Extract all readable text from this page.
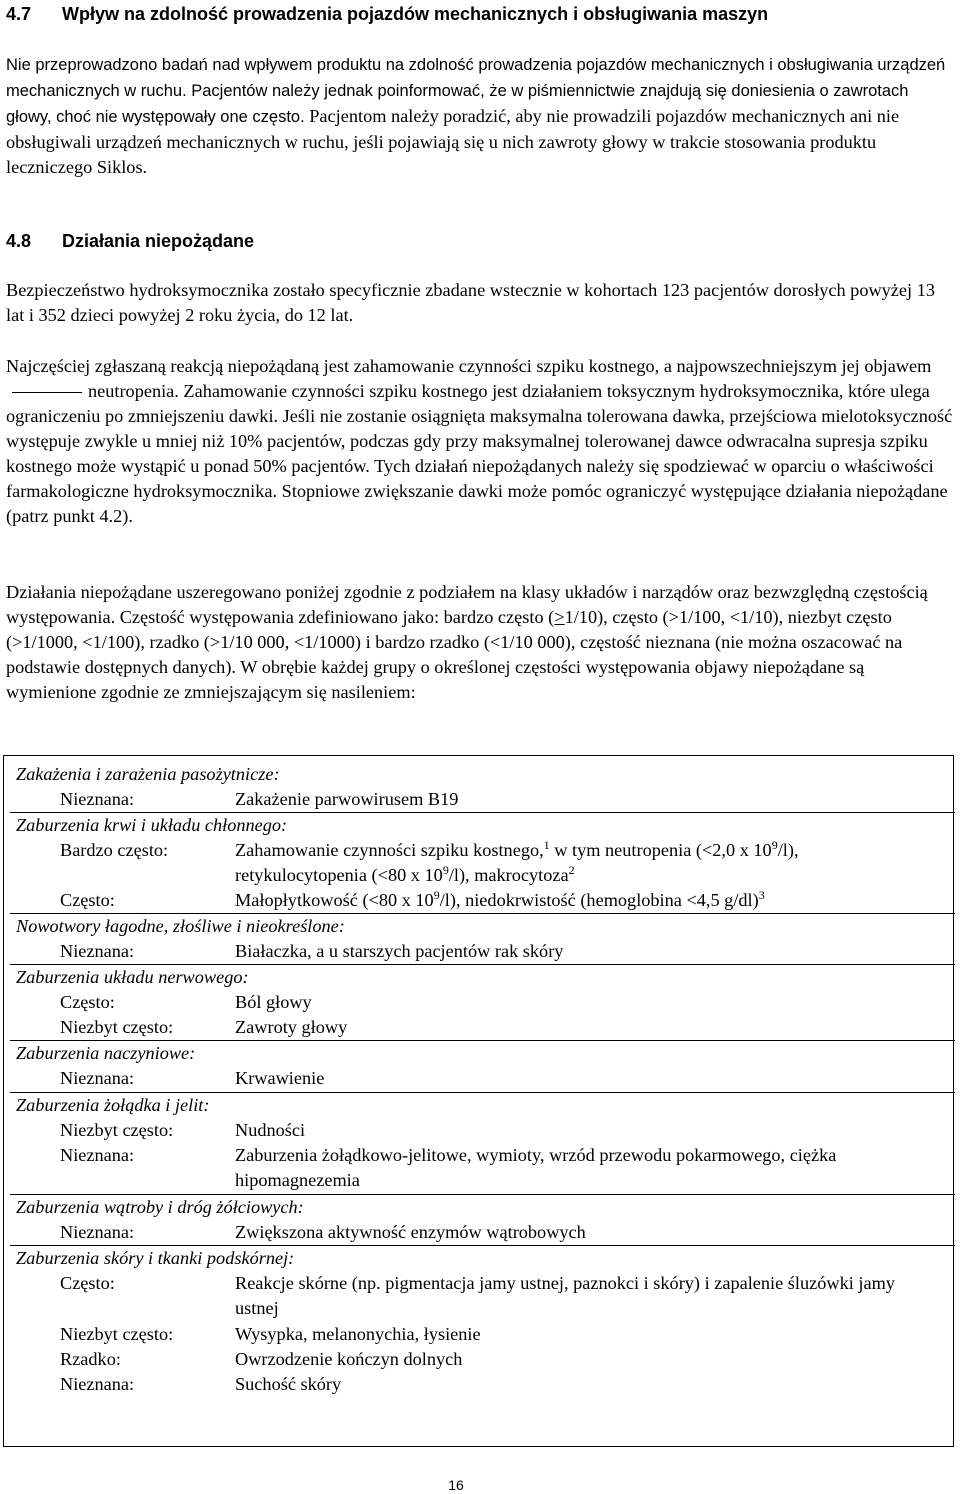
4.7 Wpływ na zdolność prowadzenia pojazdów mechanicznych i obsługiwania maszyn

Nie przeprowadzono badań nad wpływem produktu na zdolność prowadzenia pojazdów mechanicznych i obsługiwania urządzeń mechanicznych w ruchu. Pacjentów należy jednak poinformować, że w piśmiennictwie znajdują się doniesienia o zawrotach głowy, choć nie występowały one często. Pacjentom należy poradzić, aby nie prowadzili pojazdów mechanicznych ani nie obsługiwali urządzeń mechanicznych w ruchu, jeśli pojawiają się u nich zawroty głowy w trakcie stosowania produktu leczniczego Siklos.

4.8 Działania niepożądane

Bezpieczeństwo hydroksymocznika zostało specyficznie zbadane wstecznie w kohortach 123 pacjentów dorosłych powyżej 13 lat i 352 dzieci powyżej 2 roku życia, do 12 lat.

Najczęściej zgłaszaną reakcją niepożądaną jest zahamowanie czynności szpiku kostnego, a najpowszechniejszym jej objawemneutropenia. Zahamowanie czynności szpiku kostnego jest działaniem toksycznym hydroksymocznika, które ulega ograniczeniu po zmniejszeniu dawki. Jeśli nie zostanie osiągnięta maksymalna tolerowana dawka, przejściowa mielotoksyczność występuje zwykle u mniej niż 10% pacjentów, podczas gdy przy maksymalnej tolerowanej dawce odwracalna supresja szpiku kostnego może wystąpić u ponad 50% pacjentów. Tych działań niepożądanych należy się spodziewać w oparciu o właściwości farmakologiczne hydroksymocznika. Stopniowe zwiększanie dawki może pomóc ograniczyć występujące działania niepożądane (patrz punkt 4.2).

Działania niepożądane uszeregowano poniżej zgodnie z podziałem na klasy układów i narządów oraz bezwzględną częstością występowania. Częstość występowania zdefiniowano jako: bardzo często (≥1/10), często (>1/100, <1/10), niezbyt często (>1/1000, <1/100), rzadko (>1/10 000, <1/1000) i bardzo rzadko (<1/10 000), częstość nieznana (nie można oszacować na podstawie dostępnych danych). W obrębie każdej grupy o określonej częstości występowania objawy niepożądane są wymienione zgodnie ze zmniejszającym się nasileniem:

Zakażenia i zarażenia pasożytnicze:

Nieznana:	Zakażenie parwowirusem B19

Zaburzenia krwi i układu chłonnego:

Bardzo często:	Zahamowanie czynności szpiku kostnego,$^1$ w tym neutropenia (<2,0 x $10^9/l$), retykulocytopenia (<80 x $10^9/l$), makrocytoza$^2$

Często:	Małopłytkowość (<80 x $10^9/l$), niedokrwistość (hemoglobina <4,5 g/dl)$^3$

Nowotwory łagodne, złośliwe i nieokreślone:

Nieznana:	Białaczka, a u starszych pacjentów rak skóry

Zaburzenia układu nerwowego:

Często:	Ból głowy

Niezbyt często:	Zawroty głowy

Zaburzenia naczyniowe:

Nieznana:	Krwawienie

Zaburzenia żołądka i jelit:

Niezbyt często:	Nudności

Nieznana:	Zaburzenia żołądkowo-jelitowe, wymioty, wrzód przewodu pokarmowego, ciężka hipomagnezemia

Zaburzenia wątroby i dróg żółciowych:

Nieznana:	Zwiększona aktywność enzymów wątrobowych

Zaburzenia skóry i tkanki podskórnej:

Często:	Reakcje skórne (np. pigmentacja jamy ustnej, paznokci i skóry) i zapalenie śluzówki jamy ustnej

Niezbyt często:	Wysypka, melanonychia, łysienie

Rzadko:	Owrzodzenie kończyn dolnych

Nieznana:	Suchość skóry

16
